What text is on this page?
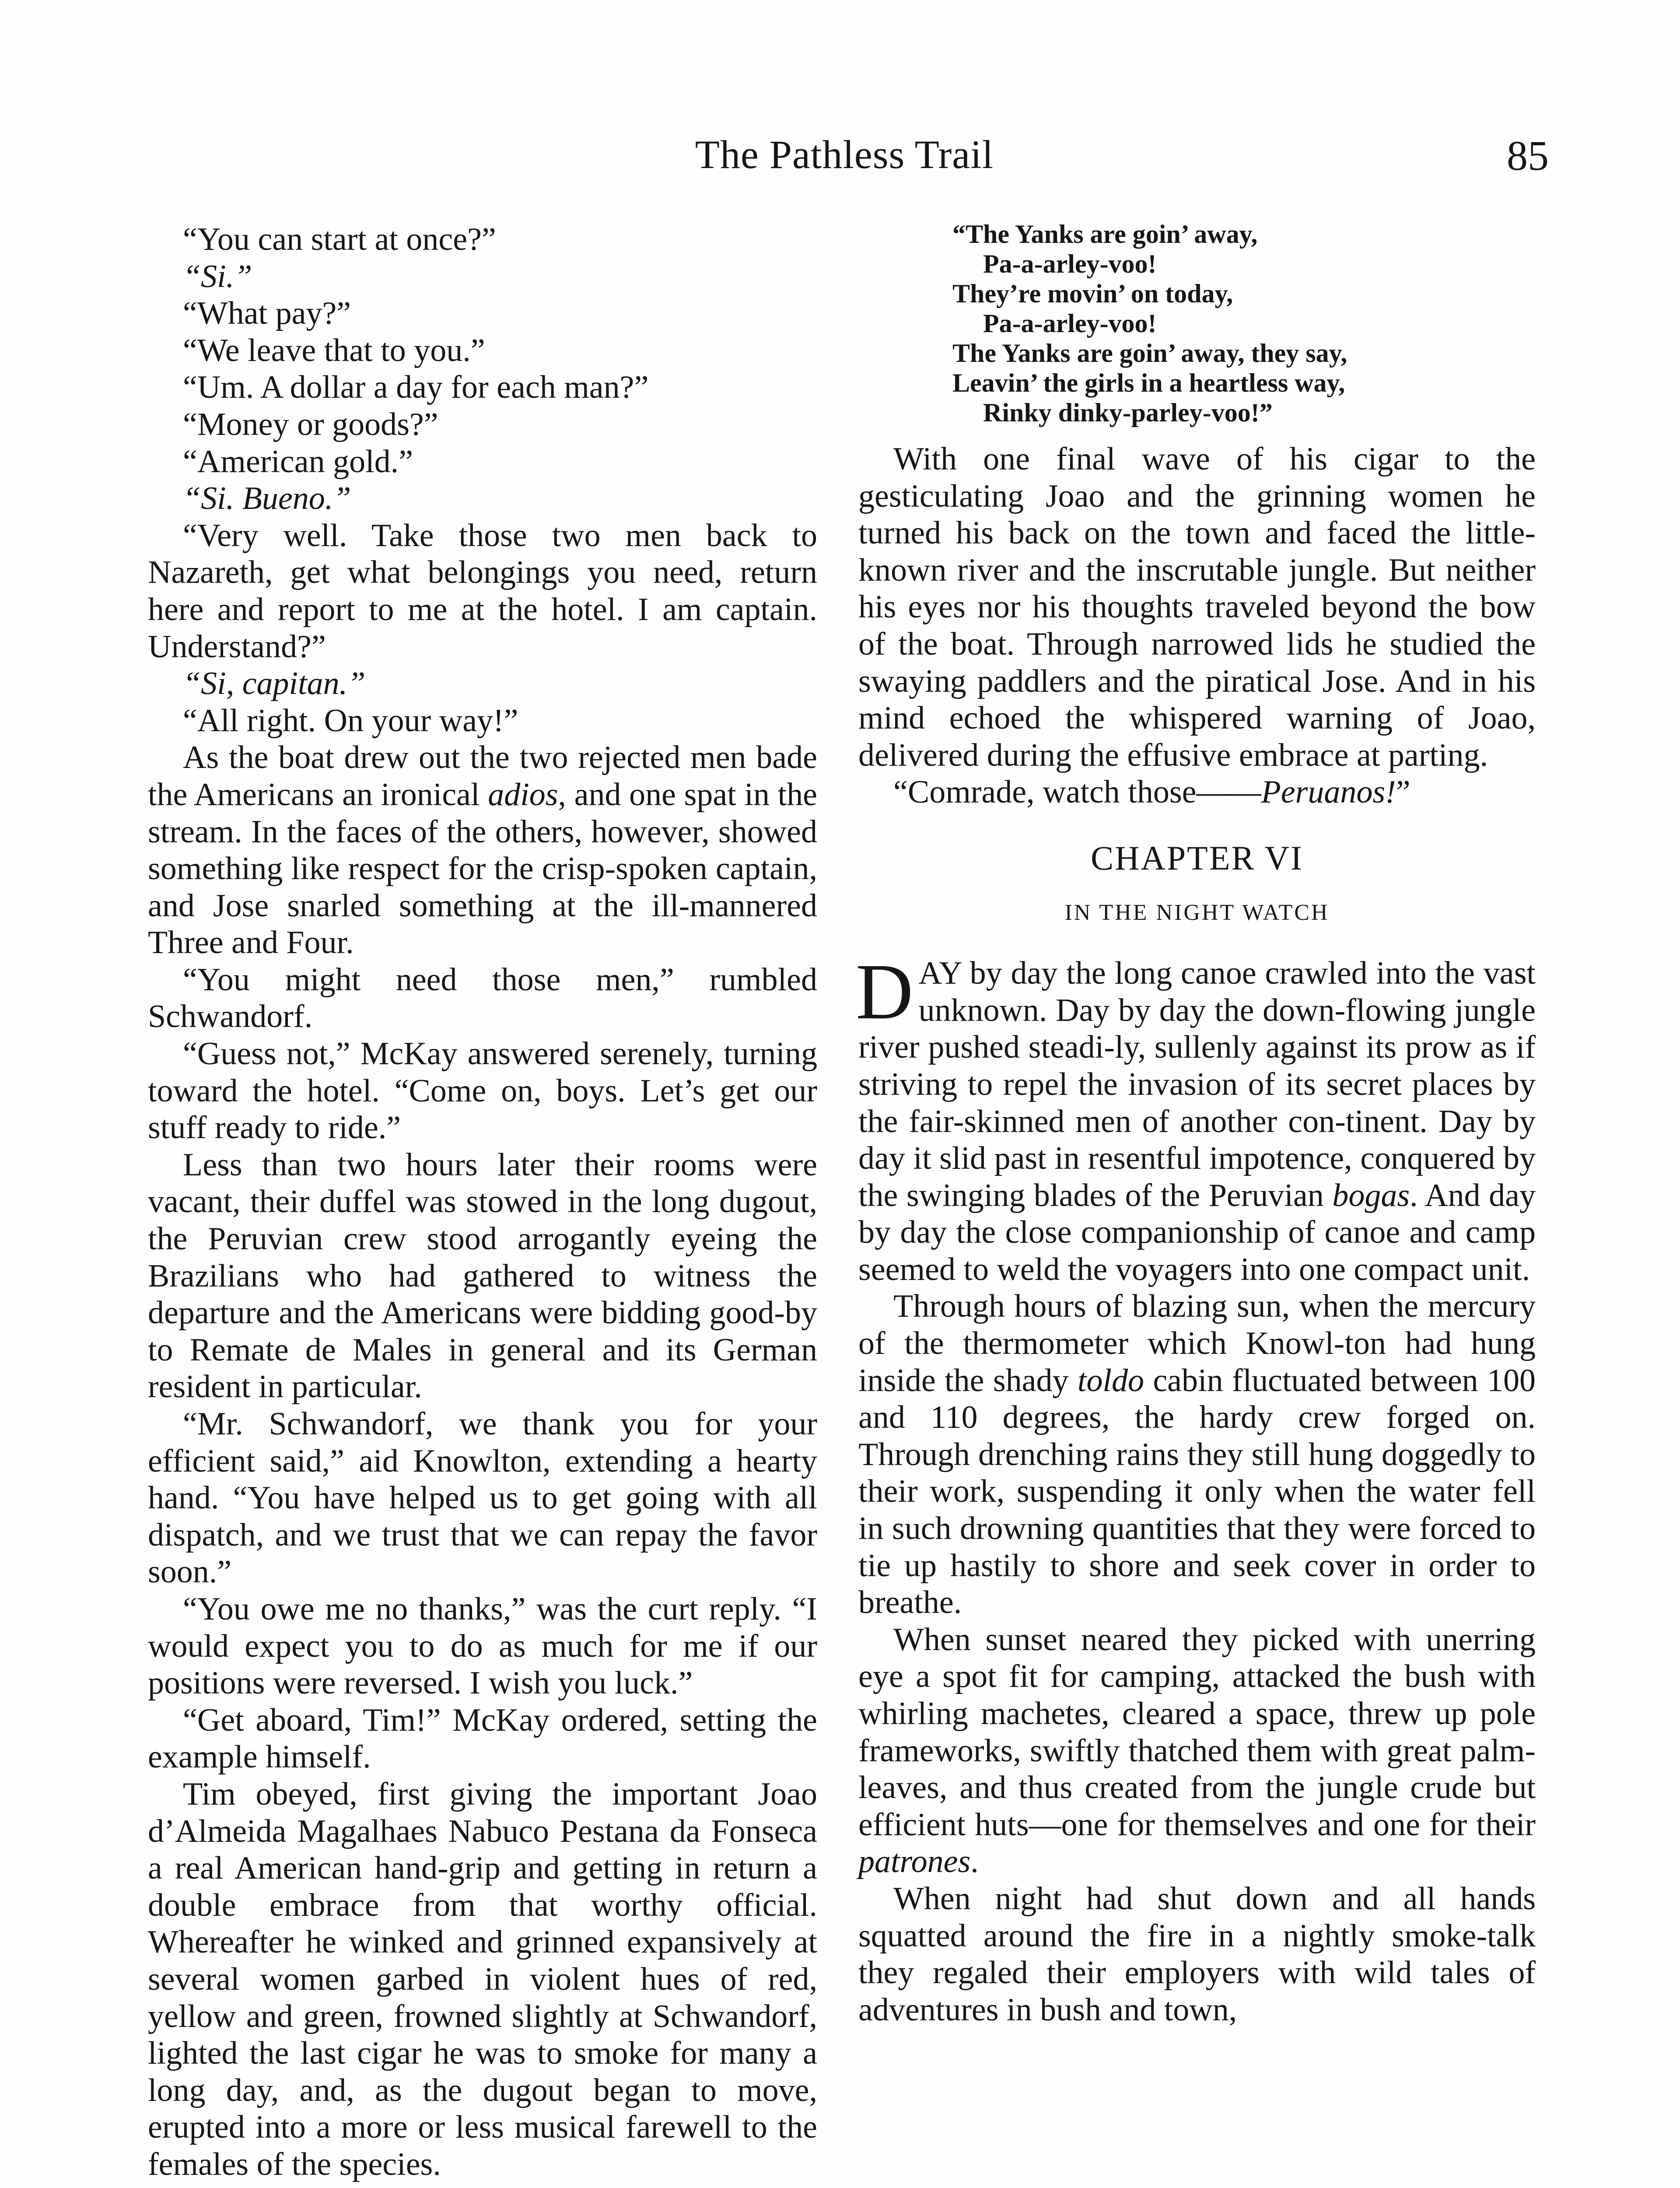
The Pathless Trail	85

“You can start at once?”

“Si.”

“What pay?”

“We leave that to you.”

“Um. A dollar a day for each man?”

“Money or goods?”

“American gold.”

“Si. Bueno.”

“Very well. Take those two men back to Nazareth, get what belongings you need, return here and report to me at the hotel. I am captain. Understand?”

“Si, capitan.”

“All right. On your way!”

As the boat drew out the two rejected men bade the Americans an ironical adios, and one spat in the stream. In the faces of the others, however, showed something like respect for the crisp-spoken captain, and Jose snarled something at the ill-mannered Three and Four.

“You might need those men,” rumbled Schwandorf.

“Guess not,” McKay answered serenely, turning toward the hotel. “Come on, boys. Let’s get our stuff ready to ride.”

Less than two hours later their rooms were vacant, their duffel was stowed in the long dugout, the Peruvian crew stood arrogantly eyeing the Brazilians who had gathered to witness the departure and the Americans were bidding good-by to Remate de Males in general and its German resident in particular.

“Mr. Schwandorf, we thank you for your efficient said,” aid Knowlton, extending a hearty hand. “You have helped us to get going with all dispatch, and we trust that we can repay the favor soon.”

“You owe me no thanks,” was the curt reply. “I would expect you to do as much for me if our positions were reversed. I wish you luck.”

“Get aboard, Tim!” McKay ordered, setting the example himself.

Tim obeyed, first giving the important Joao d’Almeida Magalhaes Nabuco Pestana da Fonseca a real American hand-grip and getting in return a double embrace from that worthy official. Whereafter he winked and grinned expansively at several women garbed in violent hues of red, yellow and green, frowned slightly at Schwandorf, lighted the last cigar he was to smoke for many a long day, and, as the dugout began to move, erupted into a more or less musical farewell to the females of the species.

“The Yanks are goin’ away,
Pa-a-arley-voo!
They’re movin’ on today,
Pa-a-arley-voo!
The Yanks are goin’ away, they say,
Leavin’ the girls in a heartless way,
Rinky dinky-parley-voo!”

With one final wave of his cigar to the gesticulating Joao and the grinning women he turned his back on the town and faced the little-known river and the inscrutable jungle. But neither his eyes nor his thoughts traveled beyond the bow of the boat. Through narrowed lids he studied the swaying paddlers and the piratical Jose. And in his mind echoed the whispered warning of Joao, delivered during the effusive embrace at parting.

“Comrade, watch those——Peruanos!”

CHAPTER VI
IN THE NIGHT WATCH

DAY by day the long canoe crawled into the vast unknown. Day by day the down-flowing jungle river pushed steadi-ly, sullenly against its prow as if striving to repel the invasion of its secret places by the fair-skinned men of another con-tinent. Day by day it slid past in resentful impotence, conquered by the swinging blades of the Peruvian bogas. And day by day the close companionship of canoe and camp seemed to weld the voyagers into one compact unit.

Through hours of blazing sun, when the mercury of the thermometer which Knowl-ton had hung inside the shady toldo cabin fluctuated between 100 and 110 degrees, the hardy crew forged on. Through drenching rains they still hung doggedly to their work, suspending it only when the water fell in such drowning quantities that they were forced to tie up hastily to shore and seek cover in order to breathe.

When sunset neared they picked with unerring eye a spot fit for camping, attacked the bush with whirling machetes, cleared a space, threw up pole frameworks, swiftly thatched them with great palm-leaves, and thus created from the jungle crude but efficient huts—one for themselves and one for their patrones.

When night had shut down and all hands squatted around the fire in a nightly smoke-talk they regaled their employers with wild tales of adventures in bush and town,
